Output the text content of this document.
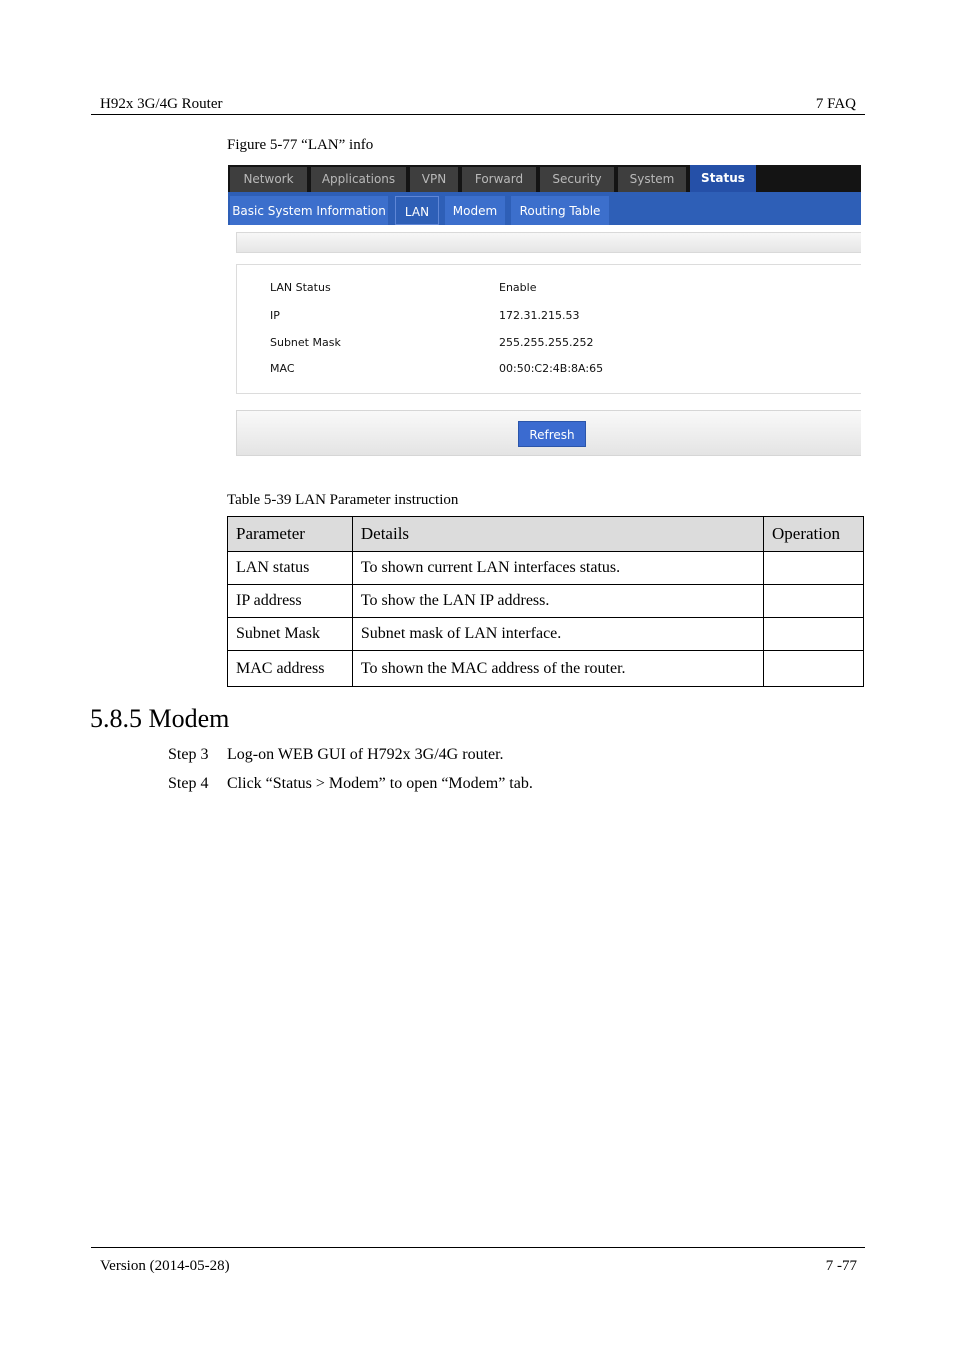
H92x 3G/4G Router	7 FAQ
Figure 5-77 “LAN” info
Network	Applications	VPN	Forward	Security	System	Status
Basic System Information	LAN	Modem	Routing Table
LAN Status	Enable
IP	172.31.215.53
Subnet Mask	255.255.255.252
MAC	00:50:C2:4B:8A:65
Refresh
Table 5-39 LAN Parameter instruction
Parameter	Details	Operation
LAN status	To shown current LAN interfaces status.	
IP address	To show the LAN IP address.	
Subnet Mask	Subnet mask of LAN interface.	
MAC address	To shown the MAC address of the router.	
5.8.5 Modem
Step 3 Log-on WEB GUI of H792x 3G/4G router.
Step 4 Click “Status > Modem” to open “Modem” tab.
Version (2014-05-28)	7 -77
